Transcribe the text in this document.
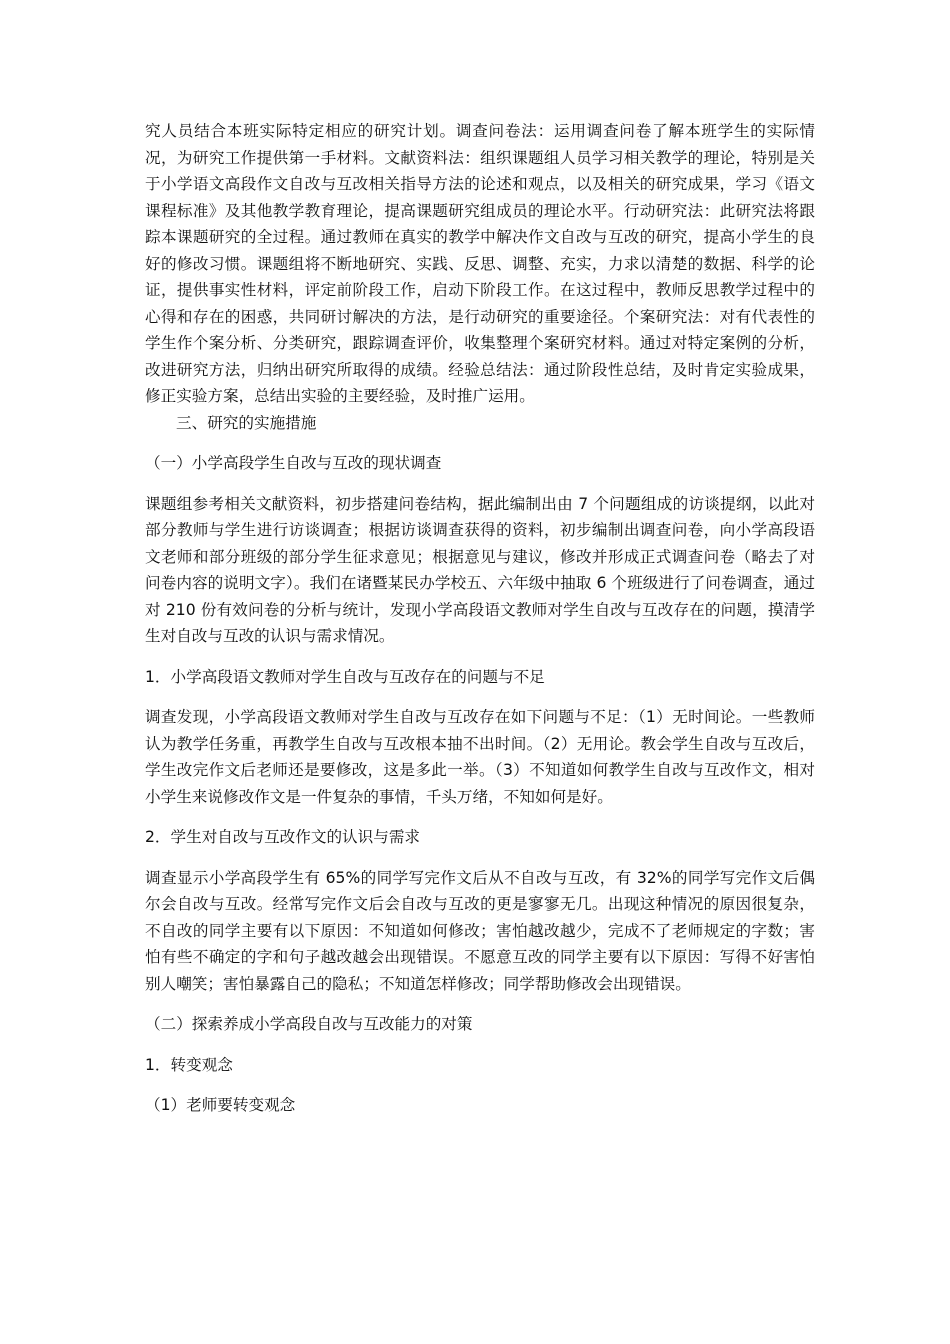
究人员结合本班实际特定相应的研究计划。调查问卷法：运用调查问卷了解本班学生的实际情况，为研究工作提供第一手材料。文献资料法：组织课题组人员学习相关教学的理论，特别是关于小学语文高段作文自改与互改相关指导方法的论述和观点，以及相关的研究成果，学习《语文课程标准》及其他教学教育理论，提高课题研究组成员的理论水平。行动研究法：此研究法将跟踪本课题研究的全过程。通过教师在真实的教学中解决作文自改与互改的研究，提高小学生的良好的修改习惯。课题组将不断地研究、实践、反思、调整、充实，力求以清楚的数据、科学的论证，提供事实性材料，评定前阶段工作，启动下阶段工作。在这过程中，教师反思教学过程中的心得和存在的困惑，共同研讨解决的方法，是行动研究的重要途径。个案研究法：对有代表性的学生作个案分析、分类研究，跟踪调查评价，收集整理个案研究材料。通过对特定案例的分析，改进研究方法，归纳出研究所取得的成绩。经验总结法：通过阶段性总结，及时肯定实验成果，修正实验方案，总结出实验的主要经验，及时推广运用。

三、研究的实施措施

（一）小学高段学生自改与互改的现状调查

课题组参考相关文献资料，初步搭建问卷结构，据此编制出由 7 个问题组成的访谈提纲，以此对部分教师与学生进行访谈调查；根据访谈调查获得的资料，初步编制出调查问卷，向小学高段语文老师和部分班级的部分学生征求意见；根据意见与建议，修改并形成正式调查问卷（略去了对问卷内容的说明文字）。我们在诸暨某民办学校五、六年级中抽取 6 个班级进行了问卷调查，通过对 210 份有效问卷的分析与统计，发现小学高段语文教师对学生自改与互改存在的问题，摸清学生对自改与互改的认识与需求情况。

1．小学高段语文教师对学生自改与互改存在的问题与不足

调查发现，小学高段语文教师对学生自改与互改存在如下问题与不足：（1）无时间论。一些教师认为教学任务重，再教学生自改与互改根本抽不出时间。（2）无用论。教会学生自改与互改后，学生改完作文后老师还是要修改，这是多此一举。（3）不知道如何教学生自改与互改作文，相对小学生来说修改作文是一件复杂的事情，千头万绪，不知如何是好。

2．学生对自改与互改作文的认识与需求

调查显示小学高段学生有 65%的同学写完作文后从不自改与互改，有 32%的同学写完作文后偶尔会自改与互改。经常写完作文后会自改与互改的更是寥寥无几。出现这种情况的原因很复杂，不自改的同学主要有以下原因：不知道如何修改；害怕越改越少，完成不了老师规定的字数；害怕有些不确定的字和句子越改越会出现错误。不愿意互改的同学主要有以下原因：写得不好害怕别人嘲笑；害怕暴露自己的隐私；不知道怎样修改；同学帮助修改会出现错误。

（二）探索养成小学高段自改与互改能力的对策

1．转变观念

（1）老师要转变观念
